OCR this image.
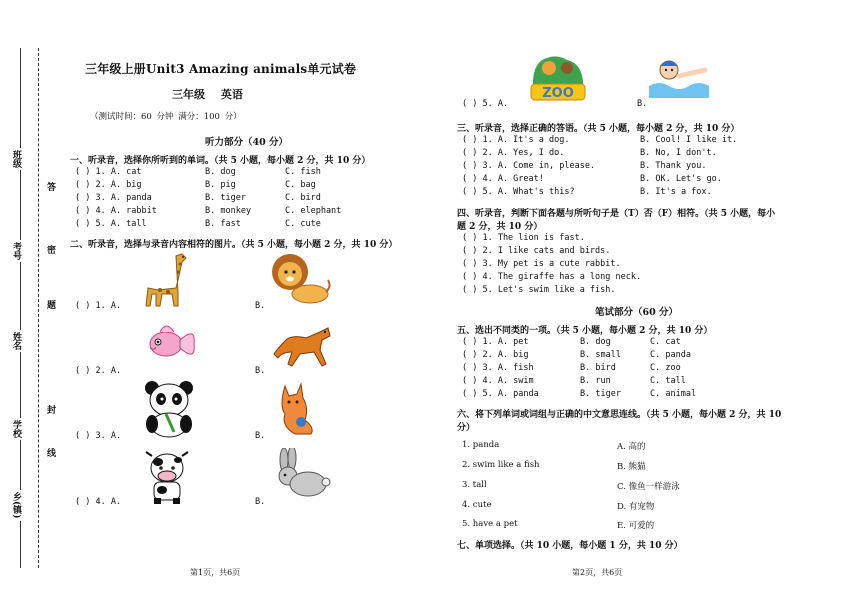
班级
考号
姓名
学校
乡(镇)
答
密
题
封
线
三年级上册Unit3 Amazing animals单元试卷
三年级 英语
（测试时间：60 分钟 满分：100 分）
听力部分（40 分）
一、听录音，选择你所听到的单词。（共 5 小题，每小题 2 分，共 10 分）
( ) 1. A. cat	B. dog	C. fish
( ) 2. A. big	B. pig	C. bag
( ) 3. A. panda	B. tiger	C. bird
( ) 4. A. rabbit	B. monkey	C. elephant
( ) 5. A. tall	B. fast	C. cute
二、听录音，选择与录音内容相符的图片。（共 5 小题，每小题 2 分，共 10 分）
( ) 1. A.	B.
( ) 2. A.	B.
( ) 3. A.	B.
( ) 4. A.	B.
第1页，共6页
ZOO
( ) 5. A.	B.
三、听录音，选择正确的答语。（共 5 小题，每小题 2 分，共 10 分）
( ) 1. A. It's a dog.	B. Cool! I like it.
( ) 2. A. Yes, I do.	B. No, I don't.
( ) 3. A. Come in, please.	B. Thank you.
( ) 4. A. Great!	B. OK. Let's go.
( ) 5. A. What's this?	B. It's a fox.
四、听录音，判断下面各题与所听句子是（T）否（F）相符。（共 5 小题，每小
题 2 分，共 10 分）
( ) 1. The lion is fast.
( ) 2. I like cats and birds.
( ) 3. My pet is a cute rabbit.
( ) 4. The giraffe has a long neck.
( ) 5. Let's swim like a fish.
笔试部分（60 分）
五、选出不同类的一项。（共 5 小题，每小题 2 分，共 10 分）
( ) 1. A. pet	B. dog	C. cat
( ) 2. A. big	B. small	C. panda
( ) 3. A. fish	B. bird	C. zoo
( ) 4. A. swim	B. run	C. tall
( ) 5. A. panda	B. tiger	C. animal
六、将下列单词或词组与正确的中文意思连线。（共 5 小题，每小题 2 分，共 10
分）
1. panda	A. 高的
2. swim like a fish	B. 熊猫
3. tall	C. 像鱼一样游泳
4. cute	D. 有宠物
5. have a pet	E. 可爱的
七、单项选择。（共 10 小题，每小题 1 分，共 10 分）
第2页，共6页
